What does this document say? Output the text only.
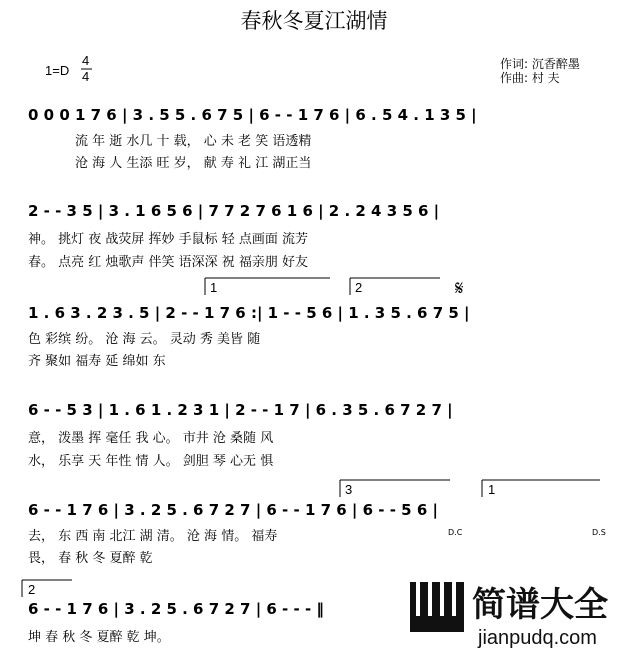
春秋冬夏江湖情
1=D
4
4
作词: 沉香醉墨
作曲: 村 夫
0 0 0 1 7 6 | 3 . 5 5 . 6 7 5 | 6 - - 1 7 6 | 6 . 5 4 . 1 3 5 |
流 年 逝 水几 十 载， 心 未 老 笑 语透精
沧 海 人 生添 旺 岁， 献 寿 礼 江 湖正当
2 - - 3 5 | 3 . 1 6 5 6 | 7 7 2 7 6 1 6 | 2 . 2 4 3 5 6 |
神。 挑灯 夜 战荧屏 挥妙 手鼠标 轻 点画面 流芳
春。 点亮 红 烛歌声 伴笑 语深深 祝 福亲朋 好友
1	2	𝄋
1 . 6 3 . 2 3 . 5 | 2 - - 1 7 6 :| 1 - - 5 6 | 1 . 3 5 . 6 7 5 |
色 彩缤 纷。 沧 海 云。 灵动 秀 美皆 随
齐 聚如 福寿 延 绵如 东
6 - - 5 3 | 1 . 6 1 . 2 3 1 | 2 - - 1 7 | 6 . 3 5 . 6 7 2 7 |
意， 泼墨 挥 毫任 我 心。 市井 沧 桑随 风
水， 乐享 天 年性 情 人。 剑胆 琴 心无 惧
3	1
6 - - 1 7 6 | 3 . 2 5 . 6 7 2 7 | 6 - - 1 7 6 | 6 - - 5 6 |
D.C	D.S
去， 东 西 南 北江 湖 清。 沧 海 情。 福寿
畏， 春 秋 冬 夏醉 乾
2
6 - - 1 7 6 | 3 . 2 5 . 6 7 2 7 | 6 - - - ‖
坤 春 秋 冬 夏醉 乾 坤。
简谱大全
jianpudq.com
